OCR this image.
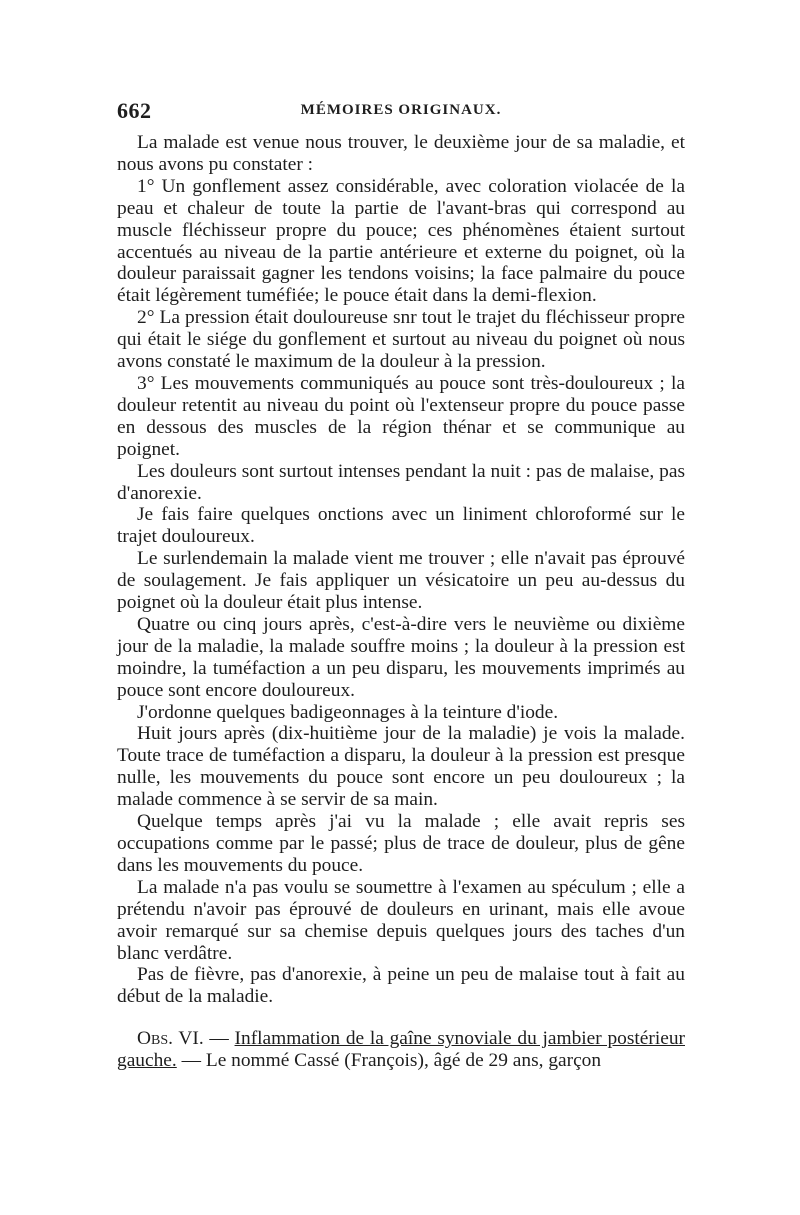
662	MÉMOIRES ORIGINAUX.

La malade est venue nous trouver, le deuxième jour de sa maladie, et nous avons pu constater :

1° Un gonflement assez considérable, avec coloration violacée de la peau et chaleur de toute la partie de l'avant-bras qui correspond au muscle fléchisseur propre du pouce; ces phénomènes étaient surtout accentués au niveau de la partie antérieure et externe du poignet, où la douleur paraissait gagner les tendons voisins; la face palmaire du pouce était légèrement tuméfiée; le pouce était dans la demi-flexion.

2° La pression était douloureuse snr tout le trajet du fléchisseur propre qui était le siége du gonflement et surtout au niveau du poignet où nous avons constaté le maximum de la douleur à la pression.

3° Les mouvements communiqués au pouce sont très-douloureux ; la douleur retentit au niveau du point où l'extenseur propre du pouce passe en dessous des muscles de la région thénar et se communique au poignet.

Les douleurs sont surtout intenses pendant la nuit : pas de malaise, pas d'anorexie.

Je fais faire quelques onctions avec un liniment chloroformé sur le trajet douloureux.

Le surlendemain la malade vient me trouver ; elle n'avait pas éprouvé de soulagement. Je fais appliquer un vésicatoire un peu au-dessus du poignet où la douleur était plus intense.

Quatre ou cinq jours après, c'est-à-dire vers le neuvième ou dixième jour de la maladie, la malade souffre moins ; la douleur à la pression est moindre, la tuméfaction a un peu disparu, les mouvements imprimés au pouce sont encore douloureux.

J'ordonne quelques badigeonnages à la teinture d'iode.

Huit jours après (dix-huitième jour de la maladie) je vois la malade. Toute trace de tuméfaction a disparu, la douleur à la pression est presque nulle, les mouvements du pouce sont encore un peu douloureux ; la malade commence à se servir de sa main.

Quelque temps après j'ai vu la malade ; elle avait repris ses occupations comme par le passé; plus de trace de douleur, plus de gêne dans les mouvements du pouce.

La malade n'a pas voulu se soumettre à l'examen au spéculum ; elle a prétendu n'avoir pas éprouvé de douleurs en urinant, mais elle avoue avoir remarqué sur sa chemise depuis quelques jours des taches d'un blanc verdâtre.

Pas de fièvre, pas d'anorexie, à peine un peu de malaise tout à fait au début de la maladie.

Obs. VI. — Inflammation de la gaîne synoviale du jambier postérieur gauche. — Le nommé Cassé (François), âgé de 29 ans, garçon
